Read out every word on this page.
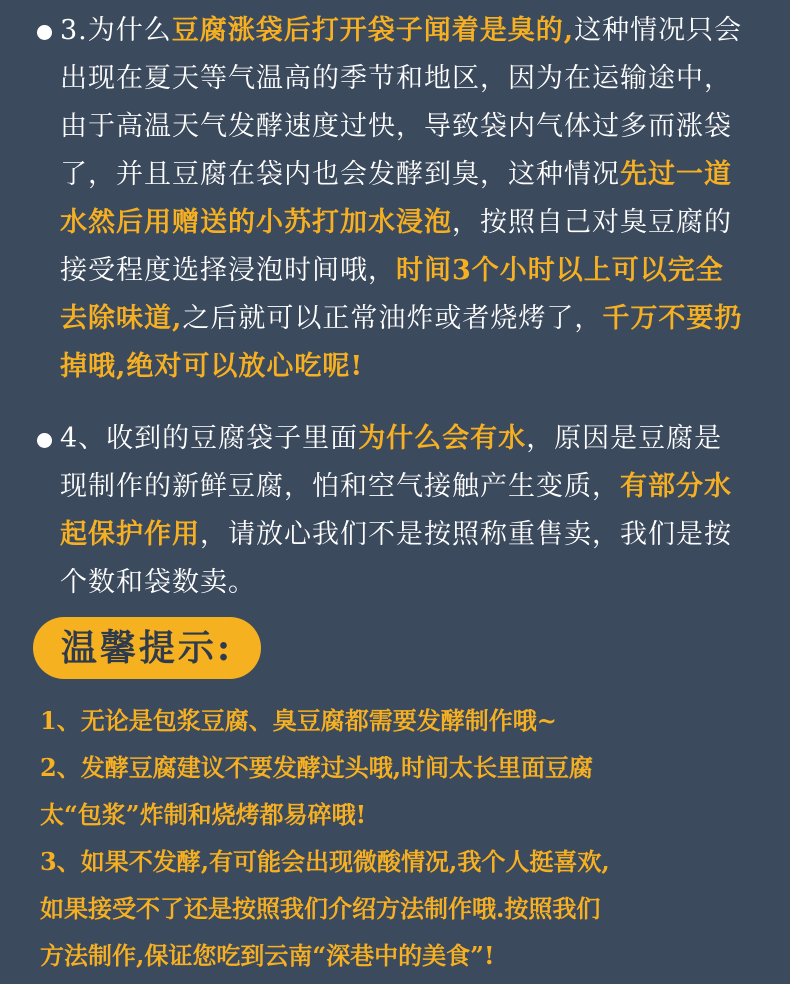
3.为什么豆腐涨袋后打开袋子闻着是臭的,这种情况只会出现在夏天等气温高的季节和地区，因为在运输途中，由于高温天气发酵速度过快，导致袋内气体过多而涨袋了，并且豆腐在袋内也会发酵到臭，这种情况先过一道水然后用赠送的小苏打加水浸泡，按照自己对臭豆腐的接受程度选择浸泡时间哦，时间3个小时以上可以完全去除味道,之后就可以正常油炸或者烧烤了，千万不要扔掉哦,绝对可以放心吃呢!
4、收到的豆腐袋子里面为什么会有水，原因是豆腐是现制作的新鲜豆腐，怕和空气接触产生变质，有部分水起保护作用，请放心我们不是按照称重售卖，我们是按个数和袋数卖。
温馨提示:
1、无论是包浆豆腐、臭豆腐都需要发酵制作哦~
2、发酵豆腐建议不要发酵过头哦,时间太长里面豆腐
太“包浆”炸制和烧烤都易碎哦!
3、如果不发酵,有可能会出现微酸情况,我个人挺喜欢,
如果接受不了还是按照我们介绍方法制作哦.按照我们
方法制作,保证您吃到云南“深巷中的美食”!
